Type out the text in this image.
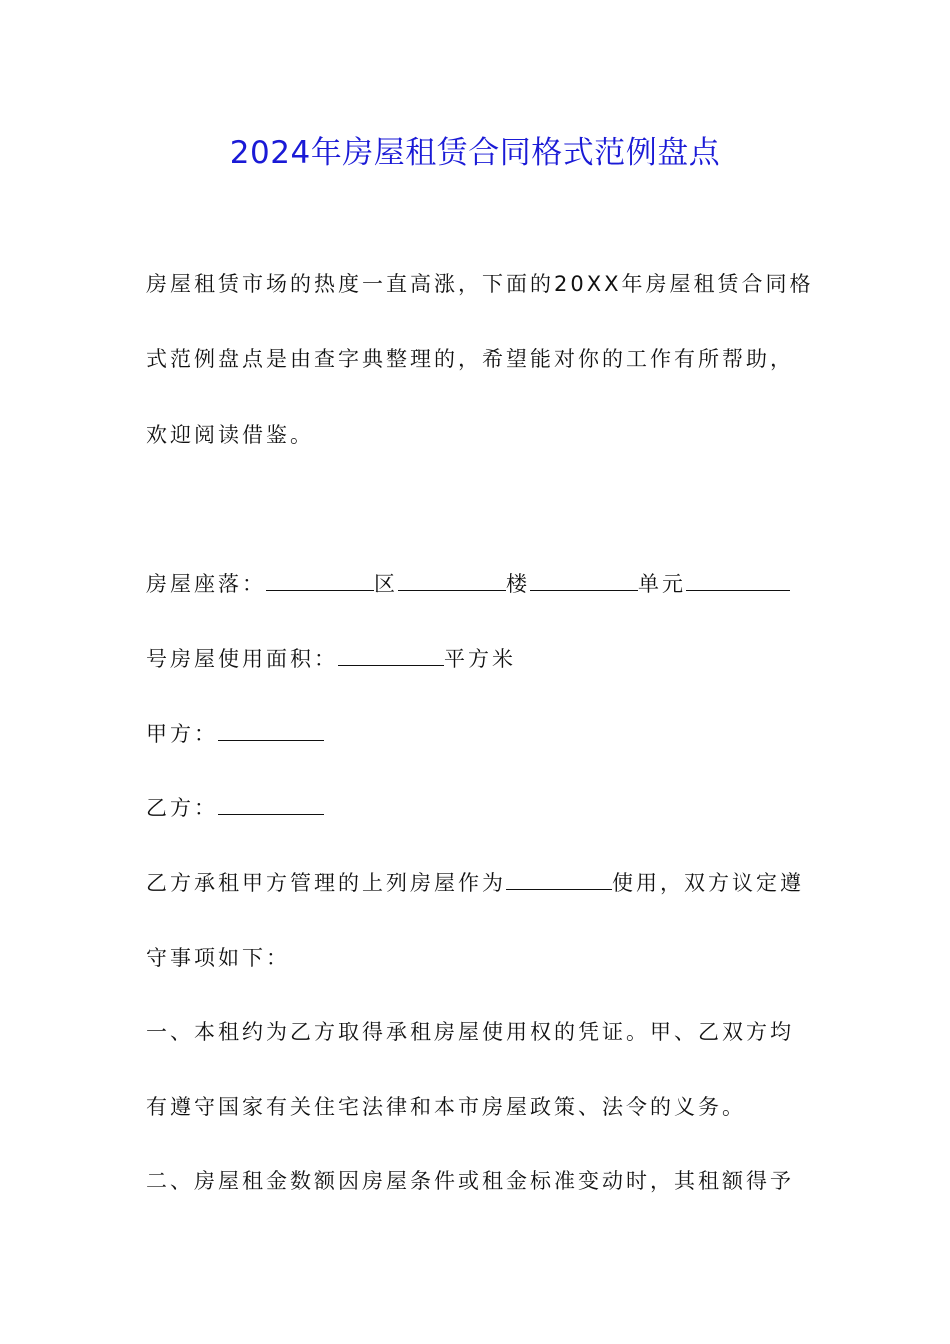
2024年房屋租赁合同格式范例盘点
房屋租赁市场的热度一直高涨，下面的20XX年房屋租赁合同格
式范例盘点是由查字典整理的，希望能对你的工作有所帮助，
欢迎阅读借鉴。
房屋座落：	区	楼	单元
号房屋使用面积：	平方米
甲方：
乙方：
乙方承租甲方管理的上列房屋作为	使用，双方议定遵
守事项如下：
一、本租约为乙方取得承租房屋使用权的凭证。甲、乙双方均
有遵守国家有关住宅法律和本市房屋政策、法令的义务。
二、房屋租金数额因房屋条件或租金标准变动时，其租额得予
